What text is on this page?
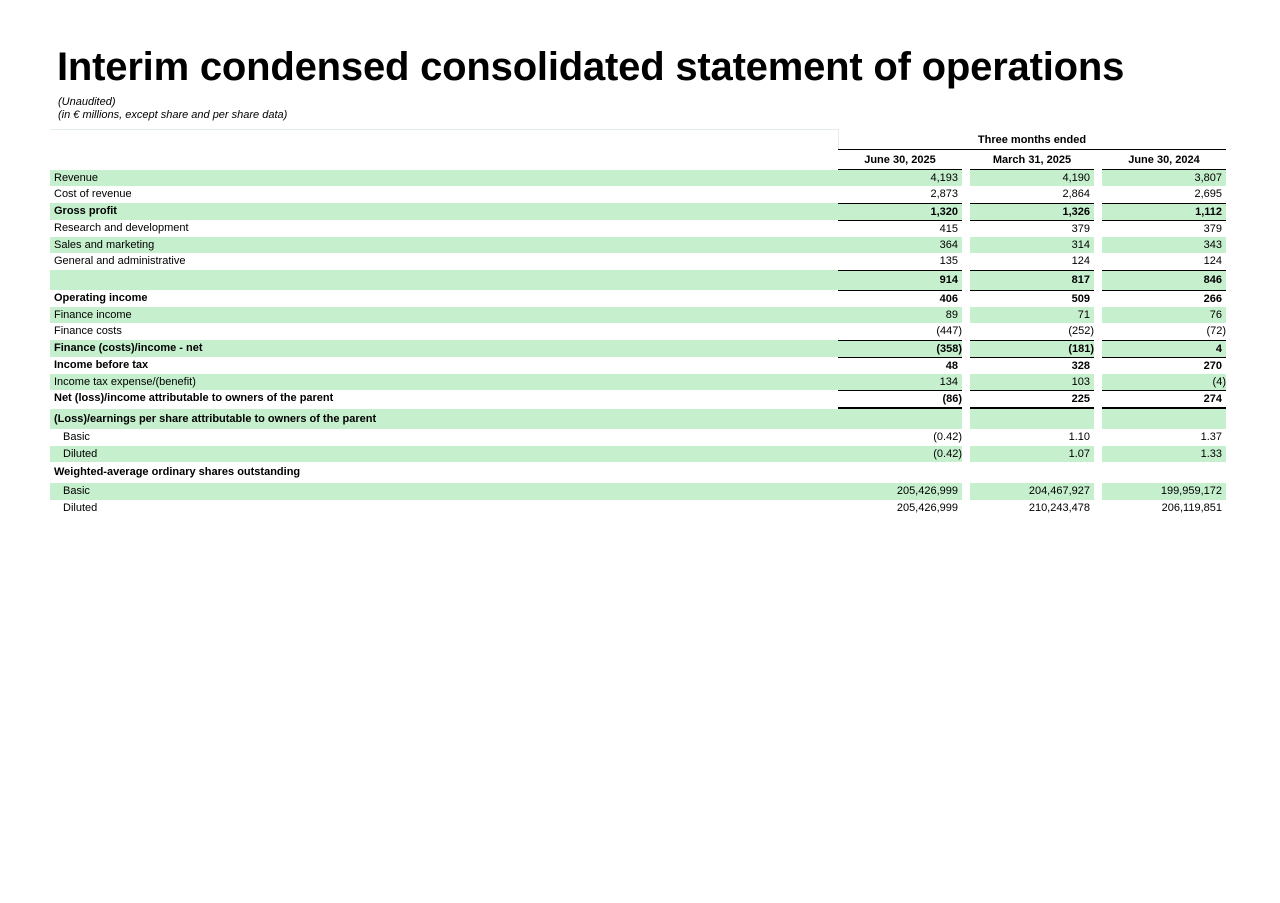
Interim condensed consolidated statement of operations
(Unaudited)
(in € millions, except share and per share data)
Three months ended
June 30, 2025	March 31, 2025	June 30, 2024
Revenue	4,193	4,190	3,807
Cost of revenue	2,873	2,864	2,695
Gross profit	1,320	1,326	1,112
Research and development	415	379	379
Sales and marketing	364	314	343
General and administrative	135	124	124
914	817	846
Operating income	406	509	266
Finance income	89	71	76
Finance costs	(447)	(252)	(72)
Finance (costs)/income - net	(358)	(181)	4
Income before tax	48	328	270
Income tax expense/(benefit)	134	103	(4)
Net (loss)/income attributable to owners of the parent	(86)	225	274
(Loss)/earnings per share attributable to owners of the parent
Basic	(0.42)	1.10	1.37
Diluted	(0.42)	1.07	1.33
Weighted-average ordinary shares outstanding
Basic	205,426,999	204,467,927	199,959,172
Diluted	205,426,999	210,243,478	206,119,851
